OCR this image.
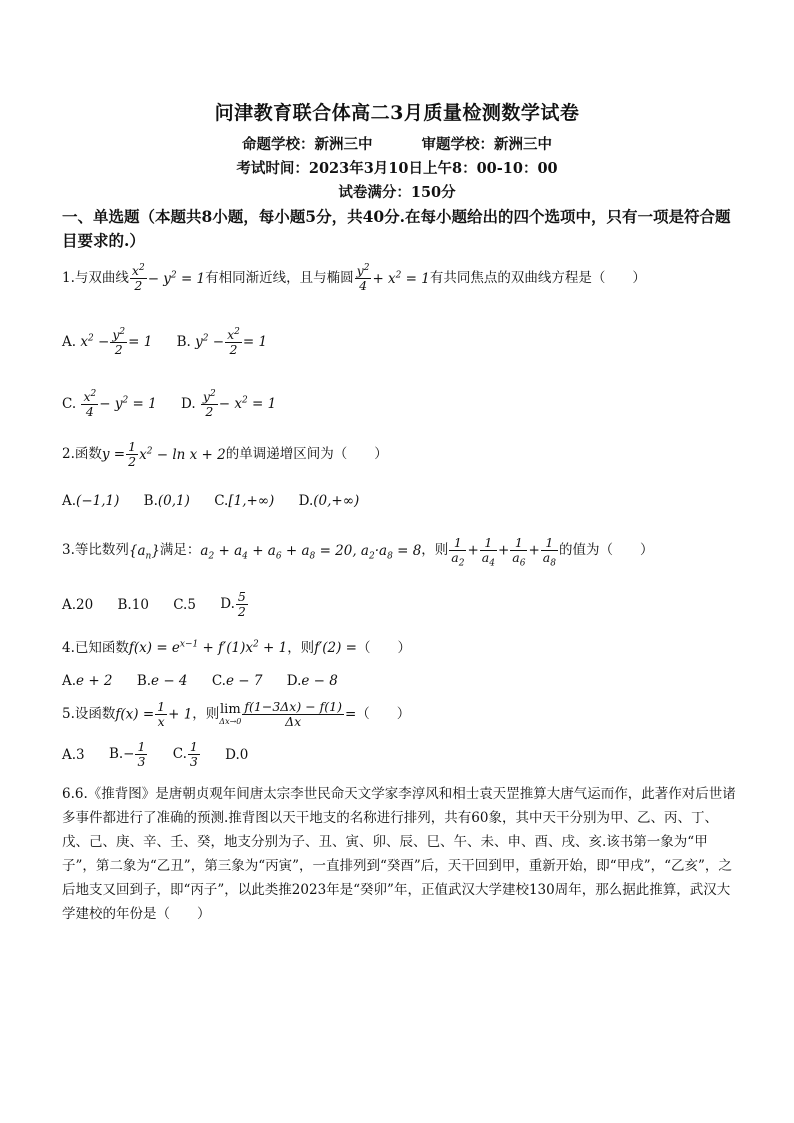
问津教育联合体高二3月质量检测数学试卷
命题学校：新洲三中	审题学校：新洲三中
考试时间：2023年3月10日上午8：00-10：00
试卷满分：150分
一、单选题（本题共8小题，每小题5分，共40分.在每小题给出的四个选项中，只有一项是符合题目要求的.）
1.与双曲线 $\frac{x^2}{2} - y^2 = 1$有相同渐近线，且与椭圆 $\frac{y^2}{4} + x^2 = 1$有共同焦点的双曲线方程是（　　）
A. $x^2 - \frac{y^2}{2} = 1$ B. $y^2 - \frac{x^2}{2} = 1$
C. $\frac{x^2}{4} - y^2 = 1$ D. $\frac{y^2}{2} - x^2 = 1$
2.函数$y = \frac{1}{2} x^2 - \ln x + 2$的单调递增区间为（　　）
A.(−1,1) B.(0,1) C.[1,+∞) D.(0,+∞)
3.等比数列$\{a_n\}$满足：$a_2 + a_4 + a_6 + a_8 = 20$, $a_2\cdot a_8 = 8$，则 $\frac{1}{a_2} + \frac{1}{a_4} + \frac{1}{a_6} + \frac{1}{a_8}$ 的值为（　　）
A.20 B.10 C.5 D. $\frac{5}{2}$
4.已知函数$f(x) = e^{x-1} + f'(1)x^2 + 1$，则f′(2) =（　　）
A.e + 2 B.e − 4 C.e − 7 D.e − 8
5.设函数$f(x) = \frac{1}{x} + 1$，则 lim
$\Delta x\to 0 \frac{f(1-3\Delta x) - f(1)}{\Delta x}$ =（　　）
A.3 $B.- \frac{1}{3} C$. $\frac{1}{3} D.0$
6.6.《推背图》是唐朝贞观年间唐太宗李世民命天文学家李淳风和相士袁天罡推算大唐气运而作，此著作对后世诸多事件都进行了准确的预测.推背图以天干地支的名称进行排列，共有60象，其中天干分别为甲、乙、丙、丁、戊、己、庚、辛、壬、癸，地支分别为子、丑、寅、卯、辰、巳、午、未、申、酉、戌、亥.该书第一象为“甲子”，第二象为“乙丑”，第三象为“丙寅”，一直排列到“癸酉”后，天干回到甲，重新开始，即“甲戌”，“乙亥”，之后地支又回到子，即“丙子”，以此类推2023年是“癸卯”年，正值武汉大学建校130周年，那么据此推算，武汉大学建校的年份是（　　）
